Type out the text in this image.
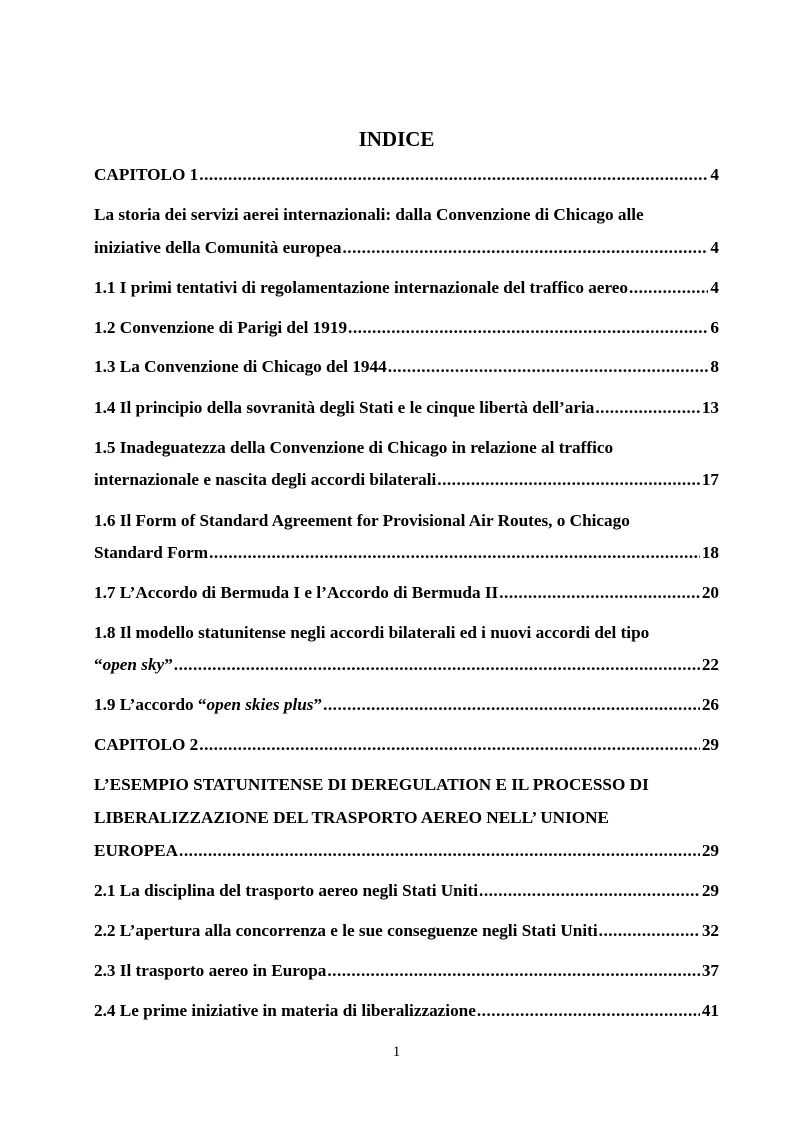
INDICE
CAPITOLO 1 .....	4
La storia dei servizi aerei internazionali: dalla Convenzione di Chicago alle
iniziative della Comunità europea .....	4
1.1 I primi tentativi di regolamentazione internazionale del traffico aereo .....	4
1.2 Convenzione di Parigi del 1919 .....	6
1.3 La Convenzione di Chicago del 1944 .....	8
1.4 Il principio della sovranità degli Stati e le cinque libertà dell’aria .....	13
1.5 Inadeguatezza della Convenzione di Chicago in relazione al traffico
internazionale e nascita degli accordi bilaterali .....	17
1.6 Il Form of Standard Agreement for Provisional Air Routes, o Chicago
Standard Form .....	18
1.7 L’Accordo di Bermuda I e l’Accordo di Bermuda II .....	20
1.8 Il modello statunitense negli accordi bilaterali ed i nuovi accordi del tipo
“open sky” .....	22
1.9 L’accordo “open skies plus” .....	26
CAPITOLO 2 .....	29
L’ESEMPIO STATUNITENSE DI DEREGULATION E IL PROCESSO DI
LIBERALIZZAZIONE DEL TRASPORTO AEREO NELL’ UNIONE
EUROPEA .....	29
2.1 La disciplina del trasporto aereo negli Stati Uniti .....	29
2.2 L’apertura alla concorrenza e le sue conseguenze negli Stati Uniti .....	32
2.3 Il trasporto aereo in Europa .....	37
2.4 Le prime iniziative in materia di liberalizzazione .....	41
1
